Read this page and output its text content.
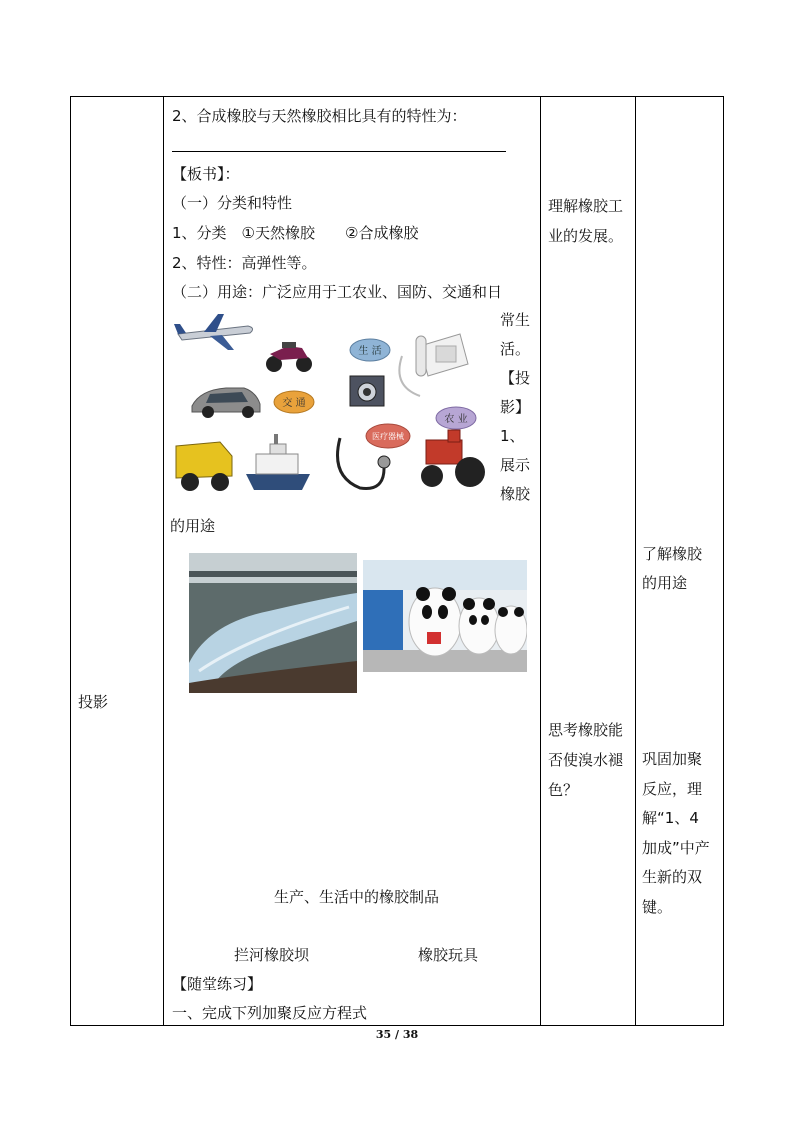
投影
2、合成橡胶与天然橡胶相比具有的特性为：
【板书】：
（一）分类和特性
1、分类　①天然橡胶　　②合成橡胶
2、特性：高弹性等。
（二）用途：广泛应用于工农业、国防、交通和日
生 活
交 通
医疗器械
农 业
常生
活。
【投
影】
1、
展示
橡胶
的用途
生产、生活中的橡胶制品
拦河橡胶坝	橡胶玩具
【随堂练习】
一、完成下列加聚反应方程式
理解橡胶工业的发展。
思考橡胶能否使溴水褪色？
了解橡胶的用途
巩固加聚反应，理解“1、4加成”中产生新的双键。
35 / 38
